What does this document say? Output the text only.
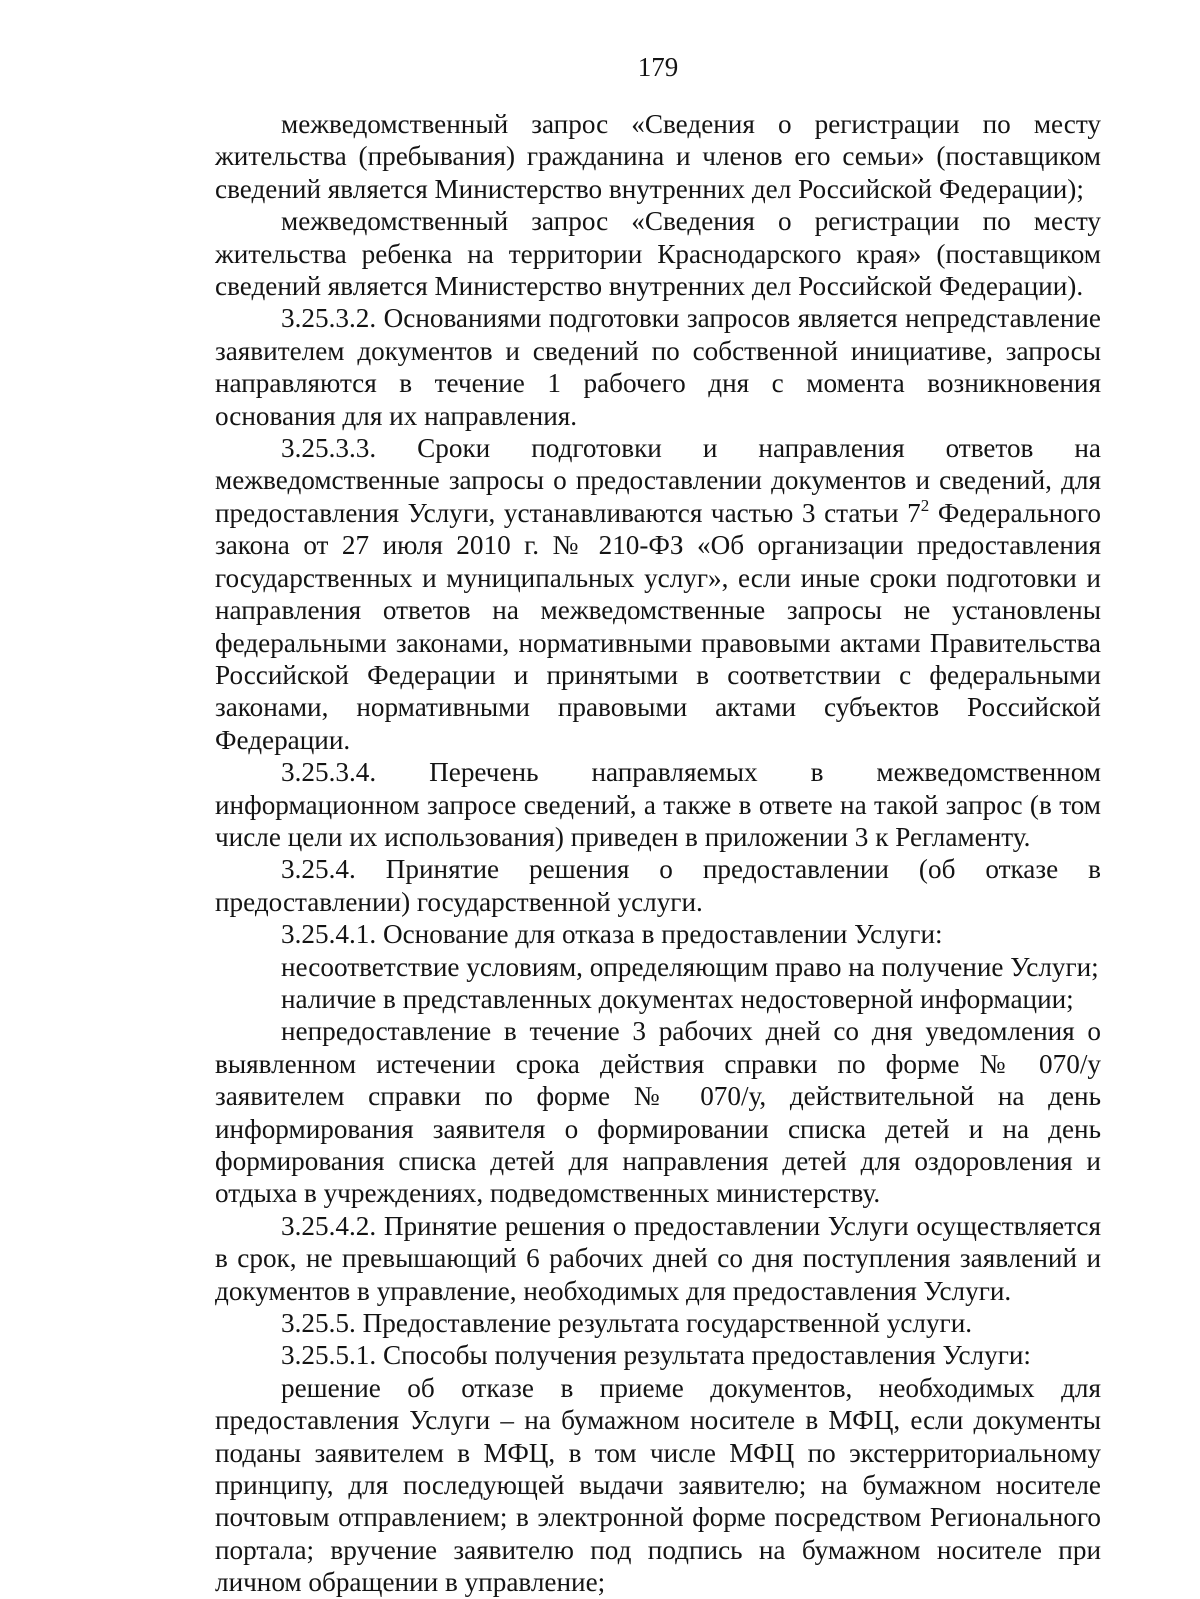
179

межведомственный запрос «Сведения о регистрации по месту жительства (пребывания) гражданина и членов его семьи» (поставщиком сведений является Министерство внутренних дел Российской Федерации);

межведомственный запрос «Сведения о регистрации по месту жительства ребенка на территории Краснодарского края» (поставщиком сведений является Министерство внутренних дел Российской Федерации).

3.25.3.2. Основаниями подготовки запросов является непредставление заявителем документов и сведений по собственной инициативе, запросы направляются в течение 1 рабочего дня с момента возникновения основания для их направления.

3.25.3.3. Сроки подготовки и направления ответов на межведомственные запросы о предоставлении документов и сведений, для предоставления Услуги, устанавливаются частью 3 статьи $7^2$ Федерального закона от 27 июля 2010 г. № 210-ФЗ «Об организации предоставления государственных и муниципальных услуг», если иные сроки подготовки и направления ответов на межведомственные запросы не установлены федеральными законами, нормативными правовыми актами Правительства Российской Федерации и принятыми в соответствии с федеральными законами, нормативными правовыми актами субъектов Российской Федерации.

3.25.3.4. Перечень направляемых в межведомственном информационном запросе сведений, а также в ответе на такой запрос (в том числе цели их использования) приведен в приложении 3 к Регламенту.

3.25.4. Принятие решения о предоставлении (об отказе в предоставлении) государственной услуги.

3.25.4.1. Основание для отказа в предоставлении Услуги:

несоответствие условиям, определяющим право на получение Услуги;

наличие в представленных документах недостоверной информации;

непредоставление в течение 3 рабочих дней со дня уведомления о выявленном истечении срока действия справки по форме № 070/у заявителем справки по форме № 070/у, действительной на день информирования заявителя о формировании списка детей и на день формирования списка детей для направления детей для оздоровления и отдыха в учреждениях, подведомственных министерству.

3.25.4.2. Принятие решения о предоставлении Услуги осуществляется в срок, не превышающий 6 рабочих дней со дня поступления заявлений и документов в управление, необходимых для предоставления Услуги.

3.25.5. Предоставление результата государственной услуги.

3.25.5.1. Способы получения результата предоставления Услуги:

решение об отказе в приеме документов, необходимых для предоставления Услуги – на бумажном носителе в МФЦ, если документы поданы заявителем в МФЦ, в том числе МФЦ по экстерриториальному принципу, для последующей выдачи заявителю; на бумажном носителе почтовым отправлением; в электронной форме посредством Регионального портала; вручение заявителю под подпись на бумажном носителе при личном обращении в управление;
